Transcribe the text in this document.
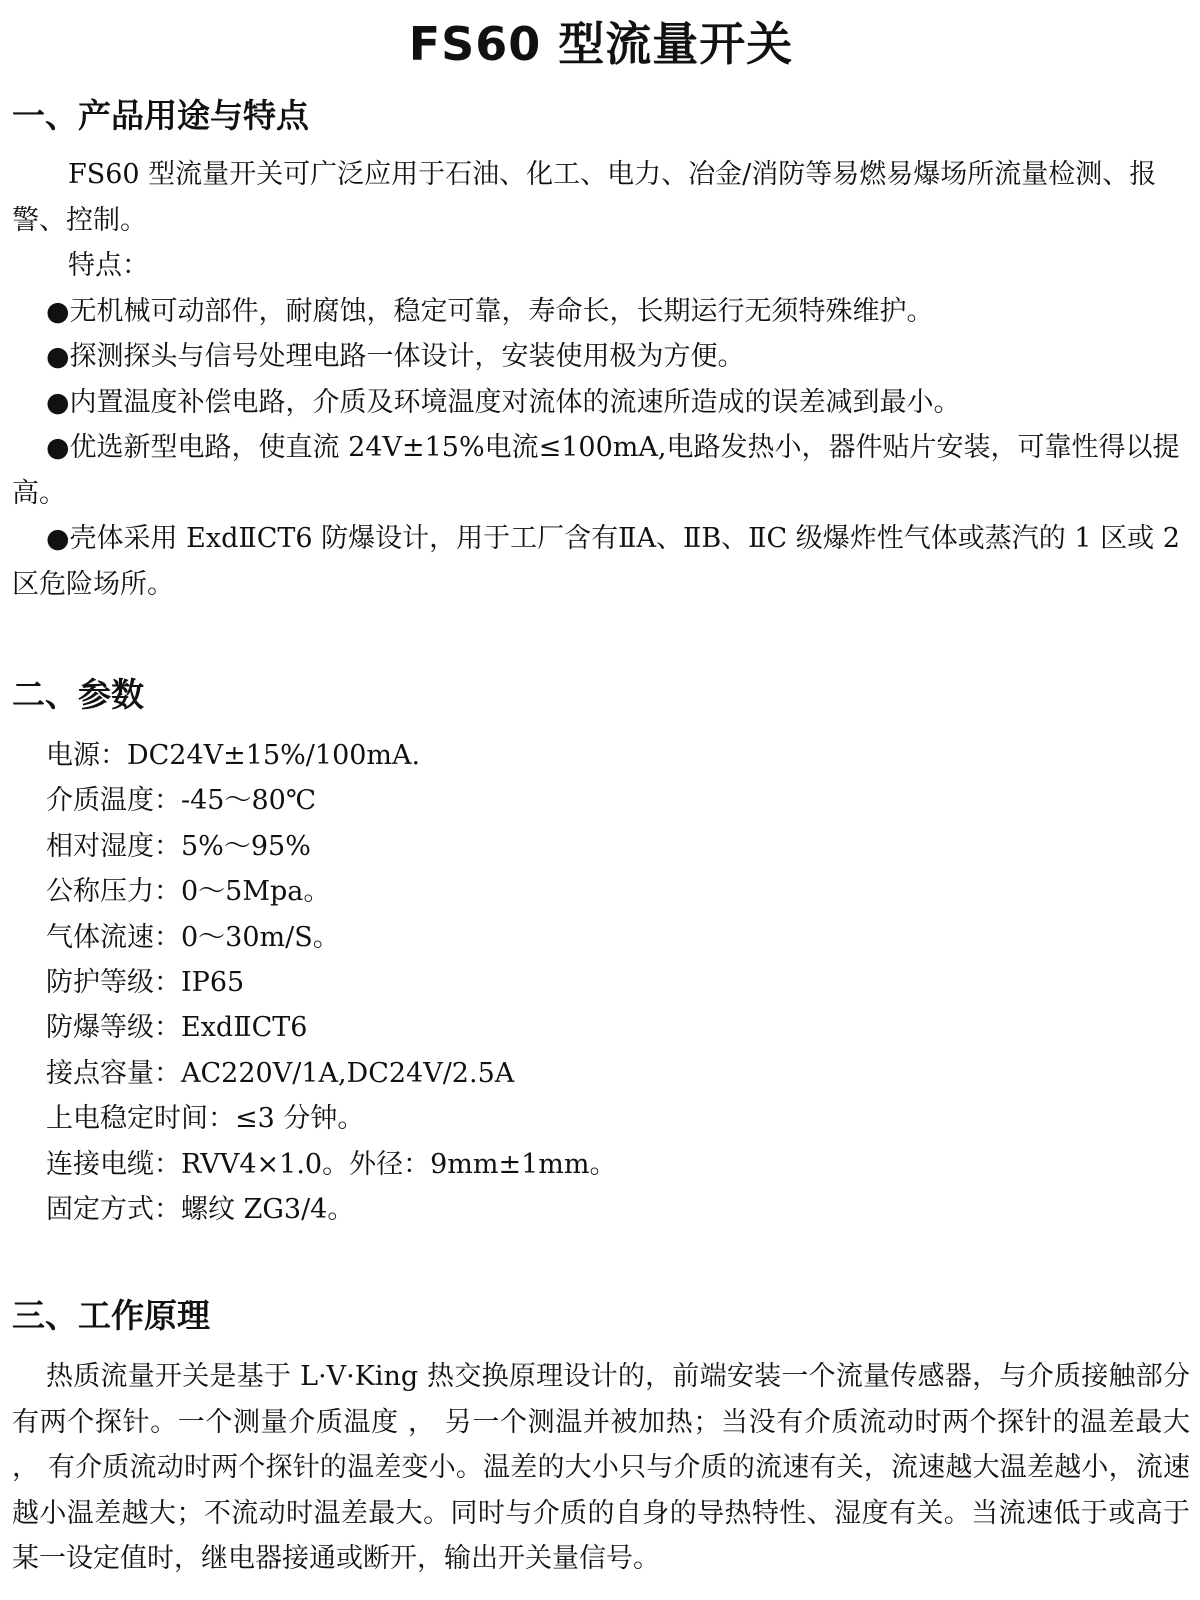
FS60 型流量开关
一、产品用途与特点

FS60 型流量开关可广泛应用于石油、化工、电力、冶金/消防等易燃易爆场所流量检测、报警、控制。

特点：

●无机械可动部件，耐腐蚀，稳定可靠，寿命长，长期运行无须特殊维护。

●探测探头与信号处理电路一体设计，安装使用极为方便。

●内置温度补偿电路，介质及环境温度对流体的流速所造成的误差减到最小。

●优选新型电路，使直流 24V±15%电流≤100mA,电路发热小，器件贴片安装，可靠性得以提高。

●壳体采用 ExdⅡCT6 防爆设计，用于工厂含有ⅡA、ⅡB、ⅡC 级爆炸性气体或蒸汽的 1 区或 2 区危险场所。

二、参数

电源：DC24V±15%/100mA.

介质温度：-45～80℃

相对湿度：5%～95%

公称压力：0～5Mpa。

气体流速：0～30m/S。

防护等级：IP65

防爆等级：ExdⅡCT6

接点容量：AC220V/1A,DC24V/2.5A

上电稳定时间：≤3 分钟。

连接电缆：RVV4×1.0。外径：9mm±1mm。

固定方式：螺纹 ZG3/4。

三、工作原理

热质流量开关是基于 L·V·King 热交换原理设计的，前端安装一个流量传感器，与介质接触部分有两个探针。一个测量介质温度 ， 另一个测温并被加热；当没有介质流动时两个探针的温差最大 ， 有介质流动时两个探针的温差变小。温差的大小只与介质的流速有关，流速越大温差越小，流速越小温差越大；不流动时温差最大。同时与介质的自身的导热特性、湿度有关。当流速低于或高于某一设定值时，继电器接通或断开，输出开关量信号。
